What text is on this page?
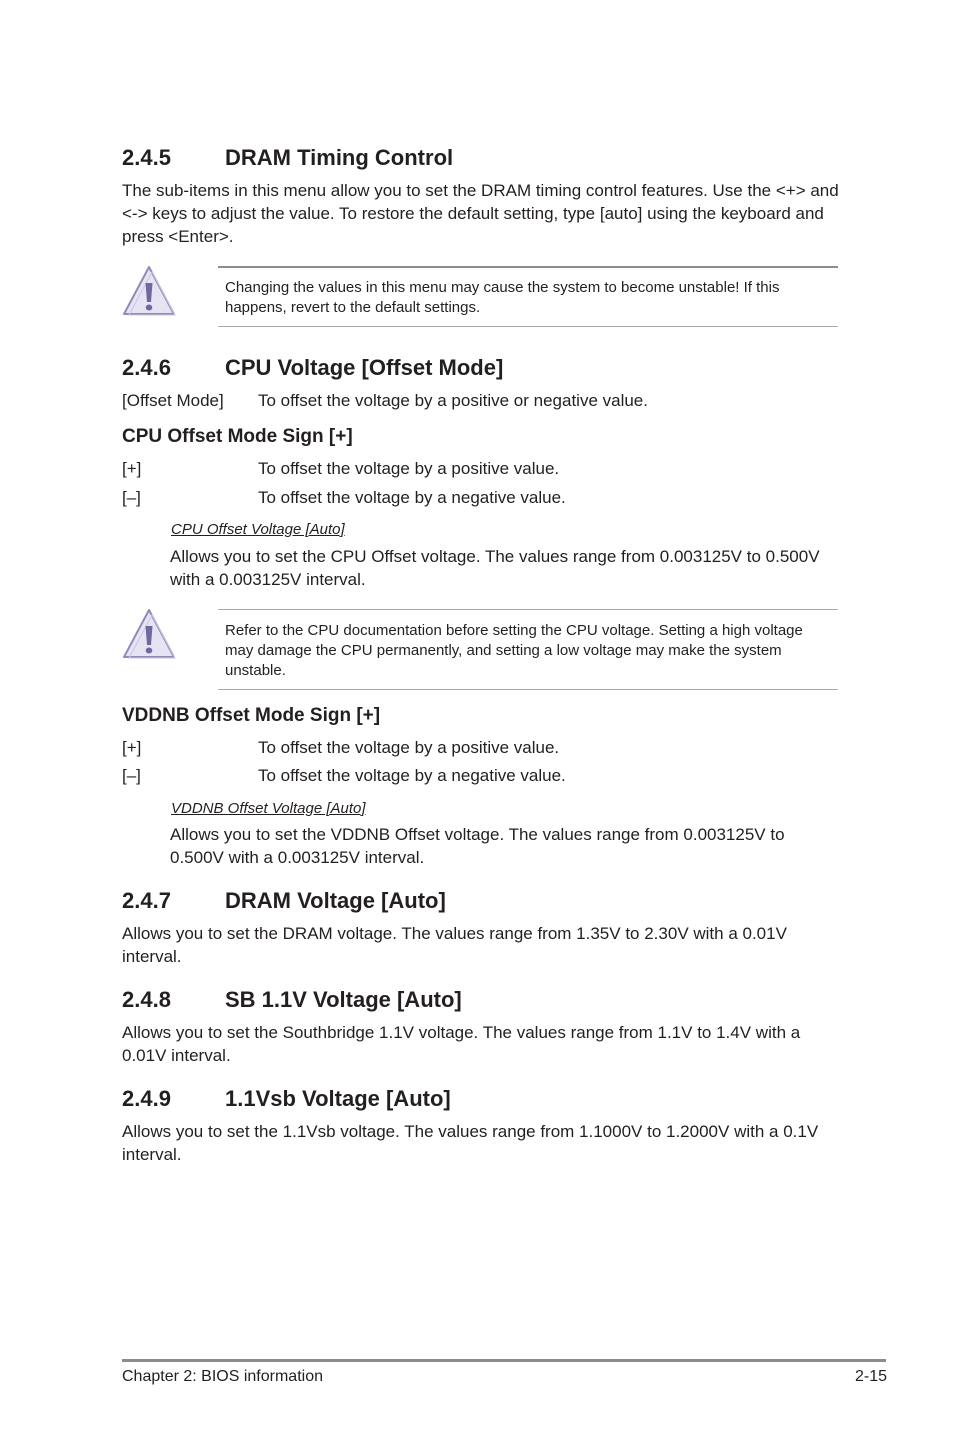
2.4.5 DRAM Timing Control
The sub-items in this menu allow you to set the DRAM timing control features. Use the <+> and <-> keys to adjust the value. To restore the default setting, type [auto] using the keyboard and press <Enter>.
Changing the values in this menu may cause the system to become unstable! If this happens, revert to the default settings.
2.4.6 CPU Voltage [Offset Mode]
[Offset Mode] To offset the voltage by a positive or negative value.
CPU Offset Mode Sign [+]
[+]	To offset the voltage by a positive value.
[–]	To offset the voltage by a negative value.
CPU Offset Voltage [Auto]
Allows you to set the CPU Offset voltage. The values range from 0.003125V to 0.500V with a 0.003125V interval.
Refer to the CPU documentation before setting the CPU voltage. Setting a high voltage may damage the CPU permanently, and setting a low voltage may make the system unstable.
VDDNB Offset Mode Sign [+]
[+]	To offset the voltage by a positive value.
[–]	To offset the voltage by a negative value.
VDDNB Offset Voltage [Auto]
Allows you to set the VDDNB Offset voltage. The values range from 0.003125V to 0.500V with a 0.003125V interval.
2.4.7 DRAM Voltage [Auto]
Allows you to set the DRAM voltage. The values range from 1.35V to 2.30V with a 0.01V interval.
2.4.8 SB 1.1V Voltage [Auto]
Allows you to set the Southbridge 1.1V voltage. The values range from 1.1V to 1.4V with a 0.01V interval.
2.4.9 1.1Vsb Voltage [Auto]
Allows you to set the 1.1Vsb voltage. The values range from 1.1000V to 1.2000V with a 0.1V interval.
Chapter 2: BIOS information	2-15
